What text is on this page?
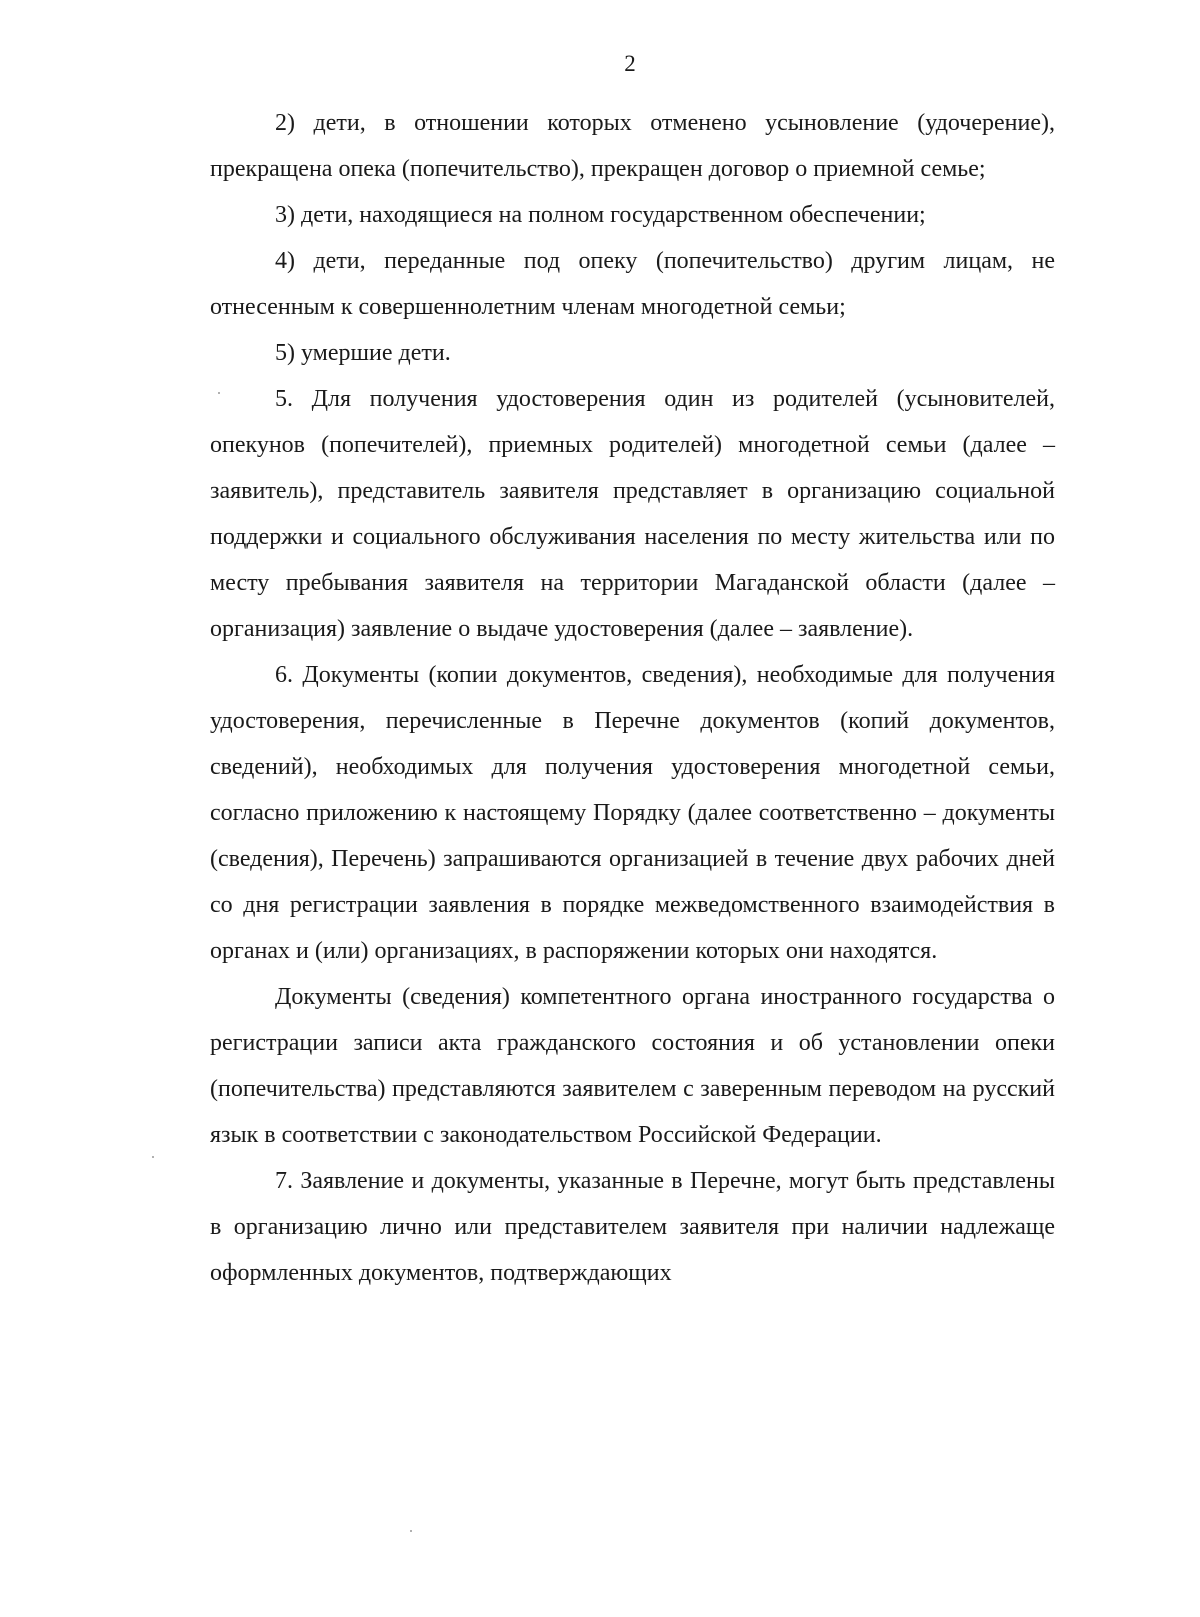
2

2) дети, в отношении которых отменено усыновление (удочерение), прекращена опека (попечительство), прекращен договор о приемной семье;

3) дети, находящиеся на полном государственном обеспечении;

4) дети, переданные под опеку (попечительство) другим лицам, не отнесенным к совершеннолетним членам многодетной семьи;

5) умершие дети.

5. Для получения удостоверения один из родителей (усыновителей, опекунов (попечителей), приемных родителей) многодетной семьи (далее – заявитель), представитель заявителя представляет в организацию социальной поддержки и социального обслуживания населения по месту жительства или по месту пребывания заявителя на территории Магаданской области (далее – организация) заявление о выдаче удостоверения (далее – заявление).

6. Документы (копии документов, сведения), необходимые для получения удостоверения, перечисленные в Перечне документов (копий документов, сведений), необходимых для получения удостоверения многодетной семьи, согласно приложению к настоящему Порядку (далее соответственно – документы (сведения), Перечень) запрашиваются организацией в течение двух рабочих дней со дня регистрации заявления в порядке межведомственного взаимодействия в органах и (или) организациях, в распоряжении которых они находятся.

Документы (сведения) компетентного органа иностранного государства о регистрации записи акта гражданского состояния и об установлении опеки (попечительства) представляются заявителем с заверенным переводом на русский язык в соответствии с законодательством Российской Федерации.

7. Заявление и документы, указанные в Перечне, могут быть представлены в организацию лично или представителем заявителя при наличии надлежаще оформленных документов, подтверждающих
